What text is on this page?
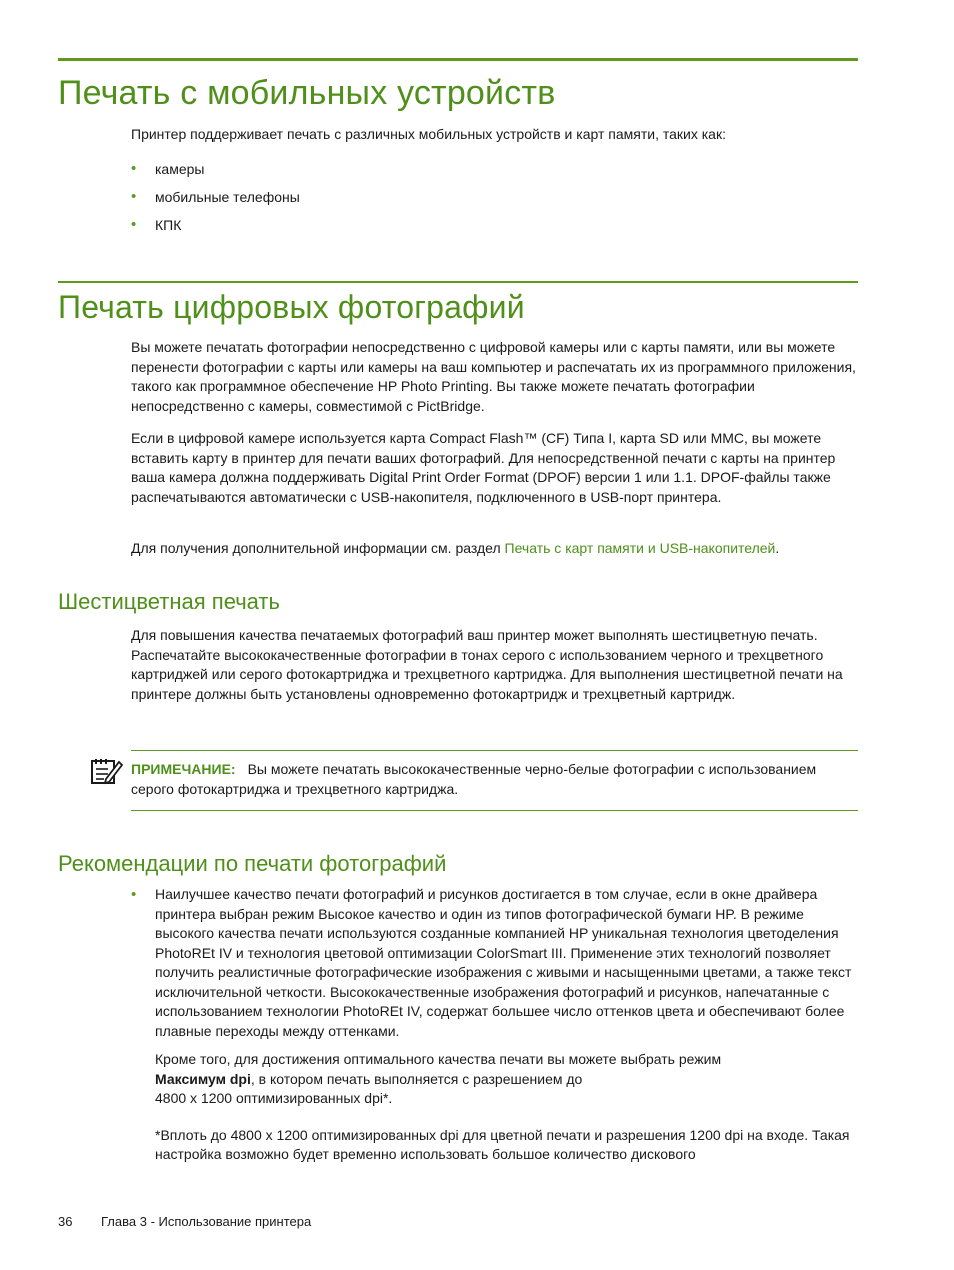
Печать с мобильных устройств

Принтер поддерживает печать с различных мобильных устройств и карт памяти, таких как:

• камеры
• мобильные телефоны
• КПК
Печать цифровых фотографий

Вы можете печатать фотографии непосредственно с цифровой камеры или с карты памяти, или вы можете перенести фотографии с карты или камеры на ваш компьютер и распечатать их из программного приложения, такого как программное обеспечение HP Photo Printing. Вы также можете печатать фотографии непосредственно с камеры, совместимой с PictBridge.

Если в цифровой камере используется карта Compact Flash™ (CF) Типа I, карта SD или MMC, вы можете вставить карту в принтер для печати ваших фотографий. Для непосредственной печати с карты на принтер ваша камера должна поддерживать Digital Print Order Format (DPOF) версии 1 или 1.1. DPOF-файлы также распечатываются автоматически с USB-накопителя, подключенного в USB-порт принтера.

Для получения дополнительной информации см. раздел Печать с карт памяти и USB-накопителей.

Шестицветная печать

Для повышения качества печатаемых фотографий ваш принтер может выполнять шестицветную печать. Распечатайте высококачественные фотографии в тонах серого с использованием черного и трехцветного картриджей или серого фотокартриджа и трехцветного картриджа. Для выполнения шестицветной печати на принтере должны быть установлены одновременно фотокартридж и трехцветный картридж.

ПРИМЕЧАНИЕ: Вы можете печатать высококачественные черно-белые фотографии с использованием серого фотокартриджа и трехцветного картриджа.

Рекомендации по печати фотографий
• Наилучшее качество печати фотографий и рисунков достигается в том случае, если в окне драйвера принтера выбран режим Высокое качество и один из типов фотографической бумаги HP. В режиме высокого качества печати используются созданные компанией HP уникальная технология цветоделения PhotoREt IV и технология цветовой оптимизации ColorSmart III. Применение этих технологий позволяет получить реалистичные фотографические изображения с живыми и насыщенными цветами, а также текст исключительной четкости. Высококачественные изображения фотографий и рисунков, напечатанные с использованием технологии PhotoREt IV, содержат большее число оттенков цвета и обеспечивают более плавные переходы между оттенками.

Кроме того, для достижения оптимального качества печати вы можете выбрать режим
Максимум dpi, в котором печать выполняется с разрешением до
4800 x 1200 оптимизированных dpi*.

*Вплоть до 4800 x 1200 оптимизированных dpi для цветной печати и разрешения 1200 dpi на входе. Такая настройка возможно будет временно использовать большое количество дискового

36 Глава 3 - Использование принтера
